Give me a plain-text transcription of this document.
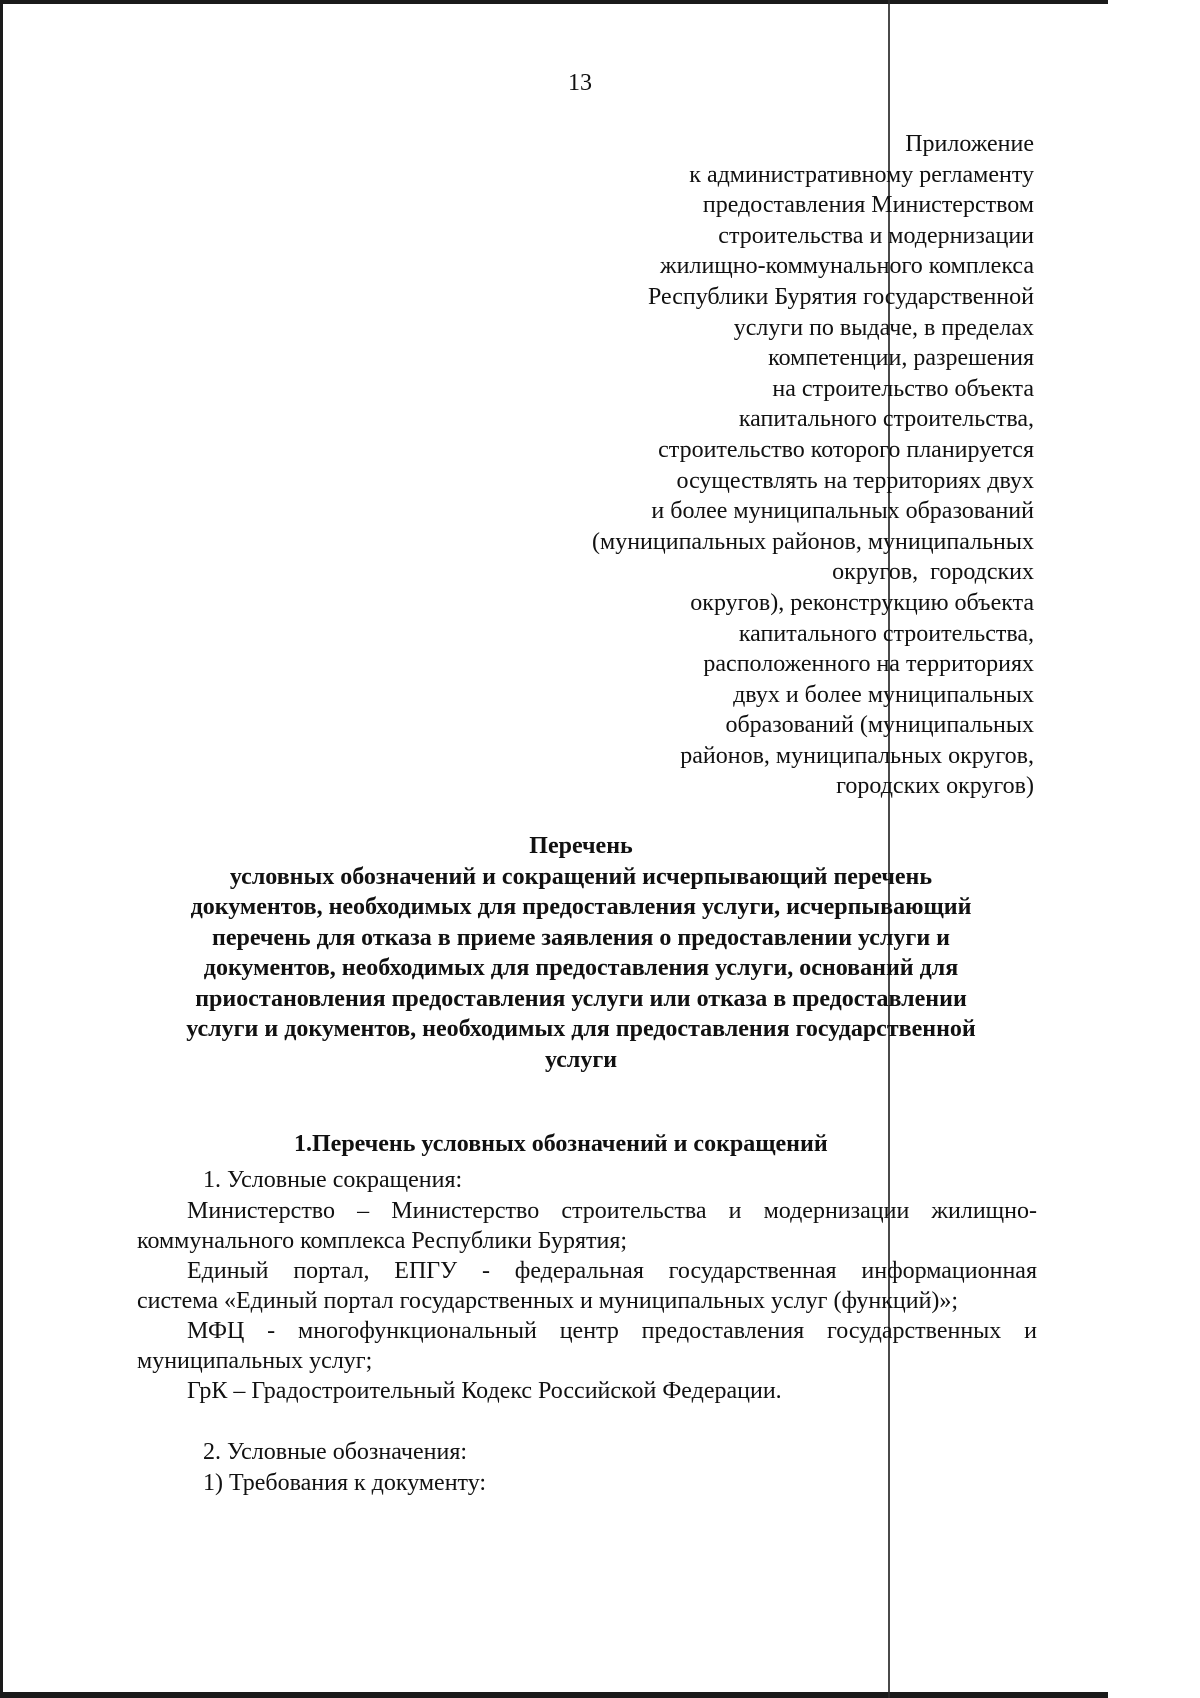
13
Приложение
к административному регламенту
предоставления Министерством
строительства и модернизации
жилищно-коммунального комплекса
Республики Бурятия государственной
услуги по выдаче, в пределах
компетенции, разрешения
на строительство объекта
капитального строительства,
строительство которого планируется
осуществлять на территориях двух
и более муниципальных образований
(муниципальных районов, муниципальных
округов,  городских
округов), реконструкцию объекта
капитального строительства,
расположенного на территориях
двух и более муниципальных
образований (муниципальных
районов, муниципальных округов,
городских округов)
Перечень
условных обозначений и сокращений исчерпывающий перечень
документов, необходимых для предоставления услуги, исчерпывающий
перечень для отказа в приеме заявления о предоставлении услуги и
документов, необходимых для предоставления услуги, оснований для
приостановления предоставления услуги или отказа в предоставлении
услуги и документов, необходимых для предоставления государственной
услуги
1.Перечень условных обозначений и сокращений
1. Условные сокращения:
Министерство – Министерство строительства и модернизации жилищно-
коммунального комплекса Республики Бурятия;
Единый портал, ЕПГУ - федеральная государственная информационная
система «Единый портал государственных и муниципальных услуг (функций)»;
МФЦ - многофункциональный центр предоставления государственных и
муниципальных услуг;
ГрК – Градостроительный Кодекс Российской Федерации.
2. Условные обозначения:
1) Требования к документу:
